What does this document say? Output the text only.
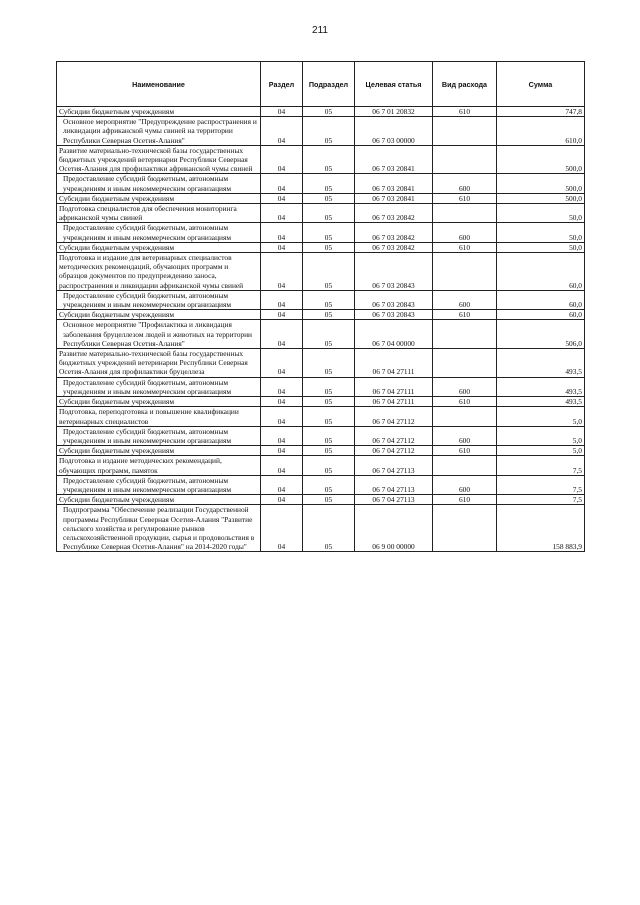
211
Наименование	Раздел	Подраздел	Целевая статья	Вид расхода	Сумма
Субсидии бюджетным учреждениям	04	05	06 7 01 20832	610	747,8
Основное мероприятие "Предупреждение распространения и ликвидации африканской чумы свиней на территории Республики Северная Осетия-Алания"	04	05	06 7 03 00000		610,0
Развитие материально-технической базы государственных бюджетных учреждений ветеринарии Республики Северная Осетия-Алания для профилактики африканской чумы свиней	04	05	06 7 03 20841		500,0
Предоставление субсидий бюджетным, автономным учреждениям и иным некоммерческим организациям	04	05	06 7 03 20841	600	500,0
Субсидии бюджетным учреждениям	04	05	06 7 03 20841	610	500,0
Подготовка специалистов для обеспечения мониторинга африканской чумы свиней	04	05	06 7 03 20842		50,0
Предоставление субсидий бюджетным, автономным учреждениям и иным некоммерческим организациям	04	05	06 7 03 20842	600	50,0
Субсидии бюджетным учреждениям	04	05	06 7 03 20842	610	50,0
Подготовка и издание для ветеринарных специалистов методических рекомендаций, обучающих программ и образцов документов по предупреждению заноса, распространения и ликвидации африканской чумы свиней	04	05	06 7 03 20843		60,0
Предоставление субсидий бюджетным, автономным учреждениям и иным некоммерческим организациям	04	05	06 7 03 20843	600	60,0
Субсидии бюджетным учреждениям	04	05	06 7 03 20843	610	60,0
Основное мероприятие "Профилактика и ликвидация заболевания бруцеллезом людей и животных на территории Республики Северная Осетия-Алания"	04	05	06 7 04 00000		506,0
Развитие материально-технической базы государственных бюджетных учреждений ветеринарии Республики Северная Осетия-Алания для профилактики бруцеллеза	04	05	06 7 04 27111		493,5
Предоставление субсидий бюджетным, автономным учреждениям и иным некоммерческим организациям	04	05	06 7 04 27111	600	493,5
Субсидии бюджетным учреждениям	04	05	06 7 04 27111	610	493,5
Подготовка, переподготовка и повышение квалификации ветеринарных специалистов	04	05	06 7 04 27112		5,0
Предоставление субсидий бюджетным, автономным учреждениям и иным некоммерческим организациям	04	05	06 7 04 27112	600	5,0
Субсидии бюджетным учреждениям	04	05	06 7 04 27112	610	5,0
Подготовка и издание методических рекомендаций, обучающих программ, памяток	04	05	06 7 04 27113		7,5
Предоставление субсидий бюджетным, автономным учреждениям и иным некоммерческим организациям	04	05	06 7 04 27113	600	7,5
Субсидии бюджетным учреждениям	04	05	06 7 04 27113	610	7,5
Подпрограмма "Обеспечение реализации Государственной программы Республики Северная Осетия-Алания "Развитие сельского хозяйства и регулирование рынков сельскохозяйственной продукции, сырья и продовольствия в Республике Северная Осетия-Алания" на 2014-2020 годы"	04	05	06 9 00 00000		158 883,9
